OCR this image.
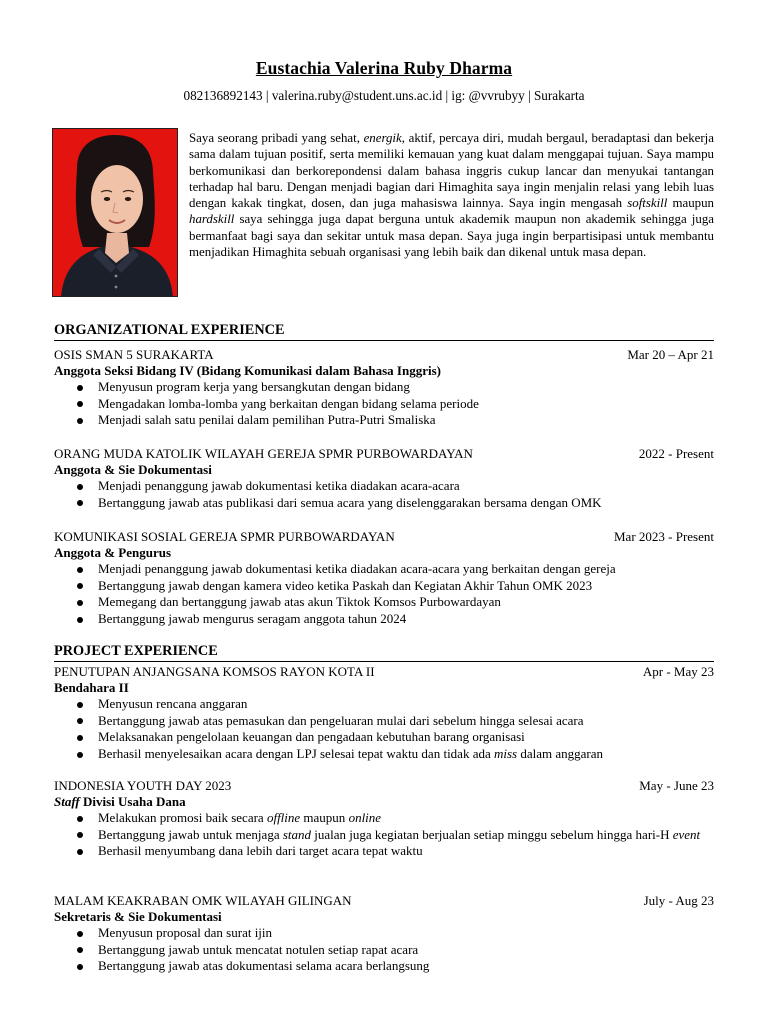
Eustachia Valerina Ruby Dharma
082136892143 | valerina.ruby@student.uns.ac.id | ig: @vvrubyy | Surakarta
Saya seorang pribadi yang sehat, energik, aktif, percaya diri, mudah bergaul, beradaptasi dan bekerja sama dalam tujuan positif, serta memiliki kemauan yang kuat dalam menggapai tujuan. Saya mampu berkomunikasi dan berkorepondensi dalam bahasa inggris cukup lancar dan menyukai tantangan terhadap hal baru. Dengan menjadi bagian dari Himaghita saya ingin menjalin relasi yang lebih luas dengan kakak tingkat, dosen, dan juga mahasiswa lainnya. Saya ingin mengasah softskill maupun hardskill saya sehingga juga dapat berguna untuk akademik maupun non akademik sehingga juga bermanfaat bagi saya dan sekitar untuk masa depan. Saya juga ingin berpartisipasi untuk membantu menjadikan Himaghita sebuah organisasi yang lebih baik dan dikenal untuk masa depan.
ORGANIZATIONAL EXPERIENCE
OSIS SMAN 5 SURAKARTA	Mar 20 – Apr 21
Anggota Seksi Bidang IV (Bidang Komunikasi dalam Bahasa Inggris)
Menyusun program kerja yang bersangkutan dengan bidang
Mengadakan lomba-lomba yang berkaitan dengan bidang selama periode
Menjadi salah satu penilai dalam pemilihan Putra-Putri Smaliska
ORANG MUDA KATOLIK WILAYAH GEREJA SPMR PURBOWARDAYAN	2022 - Present
Anggota & Sie Dokumentasi
Menjadi penanggung jawab dokumentasi ketika diadakan acara-acara
Bertanggung jawab atas publikasi dari semua acara yang diselenggarakan bersama dengan OMK
KOMUNIKASI SOSIAL GEREJA SPMR PURBOWARDAYAN	Mar 2023 - Present
Anggota & Pengurus
Menjadi penanggung jawab dokumentasi ketika diadakan acara-acara yang berkaitan dengan gereja
Bertanggung jawab dengan kamera video ketika Paskah dan Kegiatan Akhir Tahun OMK 2023
Memegang dan bertanggung jawab atas akun Tiktok Komsos Purbowardayan
Bertanggung jawab mengurus seragam anggota tahun 2024
PROJECT EXPERIENCE
PENUTUPAN ANJANGSANA KOMSOS RAYON KOTA II	Apr - May 23
Bendahara II
Menyusun rencana anggaran
Bertanggung jawab atas pemasukan dan pengeluaran mulai dari sebelum hingga selesai acara
Melaksanakan pengelolaan keuangan dan pengadaan kebutuhan barang organisasi
Berhasil menyelesaikan acara dengan LPJ selesai tepat waktu dan tidak ada miss dalam anggaran
INDONESIA YOUTH DAY 2023	May - June 23
Staff Divisi Usaha Dana
Melakukan promosi baik secara offline maupun online
Bertanggung jawab untuk menjaga stand jualan juga kegiatan berjualan setiap minggu sebelum hingga hari-H event
Berhasil menyumbang dana lebih dari target acara tepat waktu
MALAM KEAKRABAN OMK WILAYAH GILINGAN	July - Aug 23
Sekretaris & Sie Dokumentasi
Menyusun proposal dan surat ijin
Bertanggung jawab untuk mencatat notulen setiap rapat acara
Bertanggung jawab atas dokumentasi selama acara berlangsung
